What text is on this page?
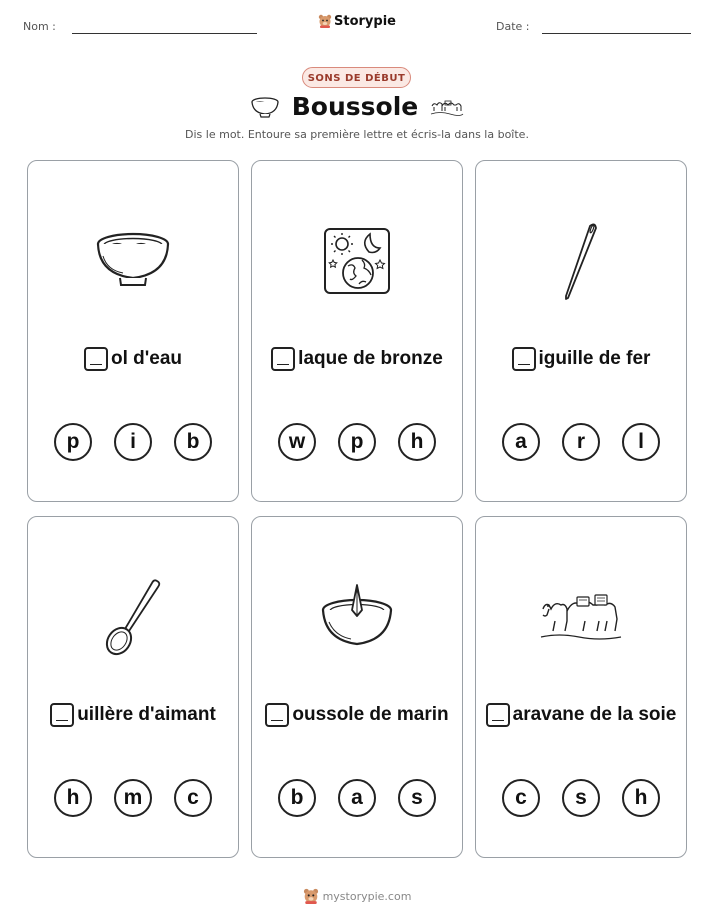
Nom :	Storypie	Date :
SONS DE DÉBUT
Boussole
Dis le mot. Entoure sa première lettre et écris-la dans la boîte.
ol d'eau
p	i	b
laque de bronze
w	p	h
iguille de fer
a	r	l
uillère d'aimant
h	m	c
oussole de marin
b	a	s
aravane de la soie
c	s	h
mystorypie.com
